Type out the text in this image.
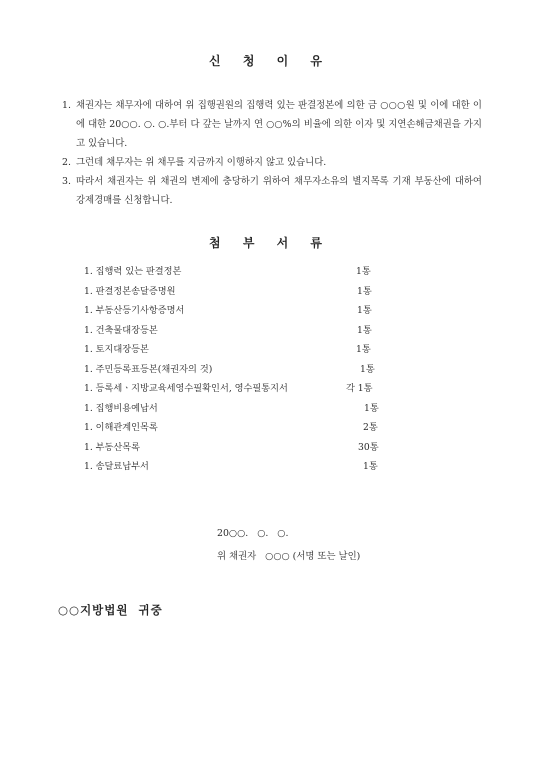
신 청 이 유
1. 채권자는 채무자에 대하여 위 집행권원의 집행력 있는 판결정본에 의한 금 ○○○원 및 이에 대한 이에 대한 20○○. ○. ○.부터 다 갚는 날까지 연 ○○%의 비율에 의한 이자 및 지연손해금채권을 가지고 있습니다.
2. 그런데 채무자는 위 채무를 지금까지 이행하지 않고 있습니다.
3. 따라서 채권자는 위 채권의 변제에 충당하기 위하여 채무자소유의 별지목록 기재 부동산에 대하여 강제경매를 신청합니다.
첨 부 서 류
1. 집행력 있는 판결정본	1통
1. 판결정본송달증명원	1통
1. 부동산등기사항증명서	1통
1. 건축물대장등본	1통
1. 토지대장등본	1통
1. 주민등록표등본(채권자의 것)	1통
1. 등록세ㆍ지방교육세영수필확인서, 영수필통지서	각 1통
1. 집행비용예납서	1통
1. 이해관계인목록	2통
1. 부동산목록	30통
1. 송달료납부서	1통
20○○.   ○.   ○.
위 채권자   ○○○ (서명 또는 날인)
○○지방법원  귀중
